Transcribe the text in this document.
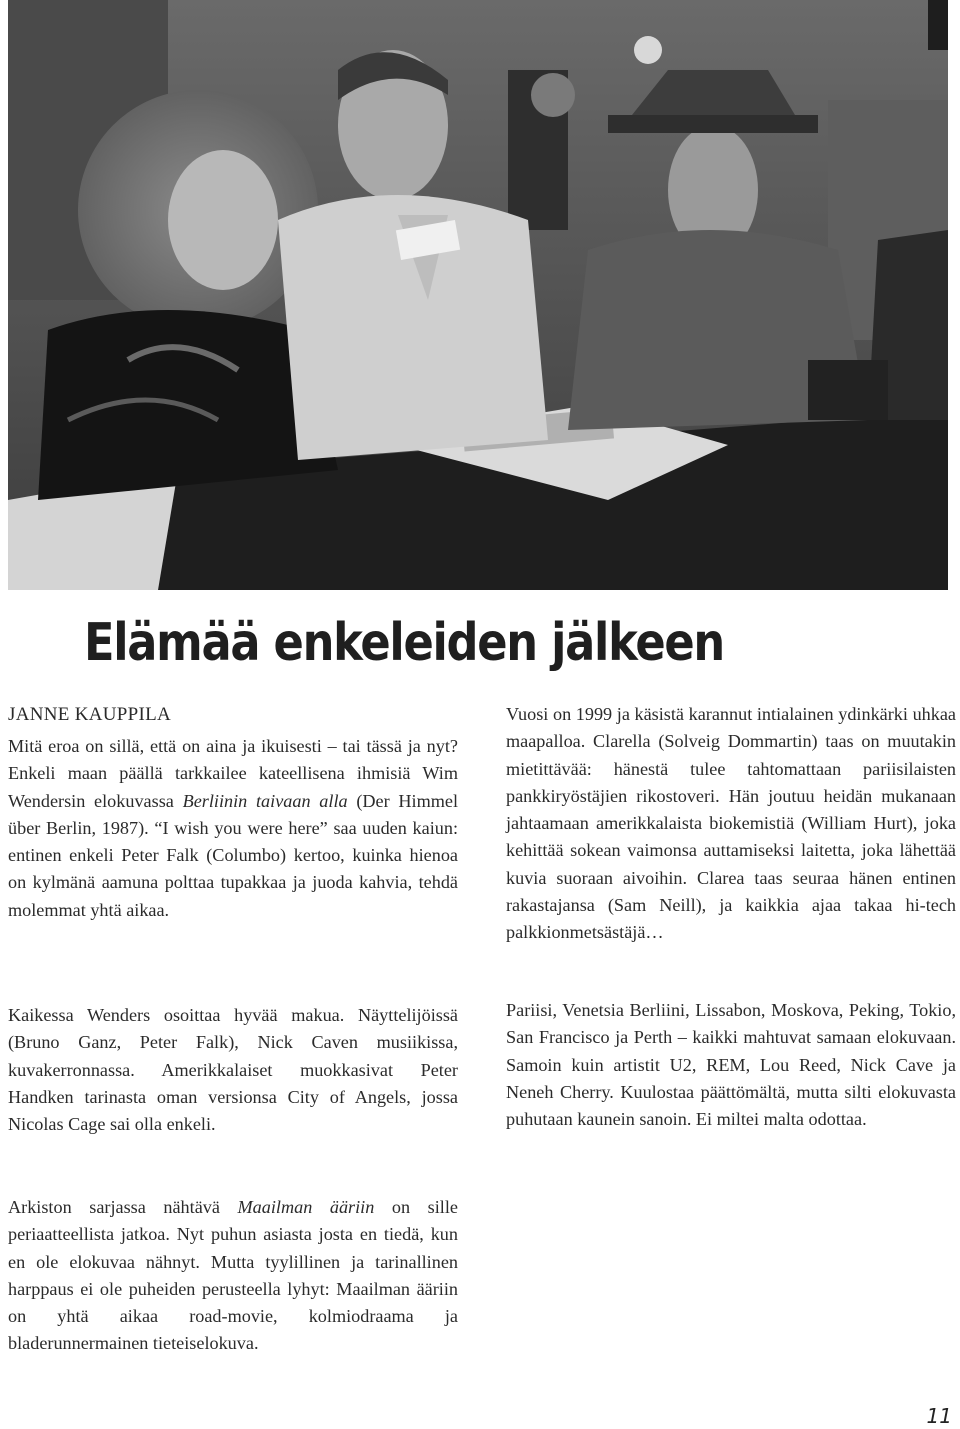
Elämää enkeleiden jälkeen
JANNE KAUPPILA

Mitä eroa on sillä, että on aina ja ikuisesti – tai tässä ja nyt? Enkeli maan päällä tarkkailee kateellisena ihmisiä Wim Wendersin elokuvassa Berliinin taivaan alla (Der Himmel über Berlin, 1987). “I wish you were here” saa uuden kaiun: entinen enkeli Peter Falk (Columbo) kertoo, kuinka hienoa on kylmänä aamuna polttaa tupakkaa ja juoda kahvia, tehdä molemmat yhtä aikaa.

Kaikessa Wenders osoittaa hyvää makua. Näyttelijöissä (Bruno Ganz, Peter Falk), Nick Caven musiikissa, kuvakerronnassa. Amerikkalaiset muokkasivat Peter Handken tarinasta oman versionsa City of Angels, jossa Nicolas Cage sai olla enkeli.

Arkiston sarjassa nähtävä Maailman ääriin on sille periaatteellista jatkoa. Nyt puhun asiasta josta en tiedä, kun en ole elokuvaa nähnyt. Mutta tyylillinen ja tarinallinen harppaus ei ole puheiden perusteella lyhyt: Maailman ääriin on yhtä aikaa road-movie, kolmiodraama ja bladerunnermainen tieteiselokuva.

Vuosi on 1999 ja käsistä karannut intialainen ydinkärki uhkaa maapalloa. Clarella (Solveig Dommartin) taas on muutakin mietittävää: hänestä tulee tahtomattaan pariisilaisten pankkiryöstäjien rikostoveri. Hän joutuu heidän mukanaan jahtaamaan amerikkalaista biokemistiä (William Hurt), joka kehittää sokean vaimonsa auttamiseksi laitetta, joka lähettää kuvia suoraan aivoihin. Clarea taas seuraa hänen entinen rakastajansa (Sam Neill), ja kaikkia ajaa takaa hi-tech palkkionmetsästäjä…

Pariisi, Venetsia Berliini, Lissabon, Moskova, Peking, Tokio, San Francisco ja Perth – kaikki mahtuvat samaan elokuvaan. Samoin kuin artistit U2, REM, Lou Reed, Nick Cave ja Neneh Cherry. Kuulostaa päättömältä, mutta silti elokuvasta puhutaan kaunein sanoin. Ei miltei malta odottaa.

11
